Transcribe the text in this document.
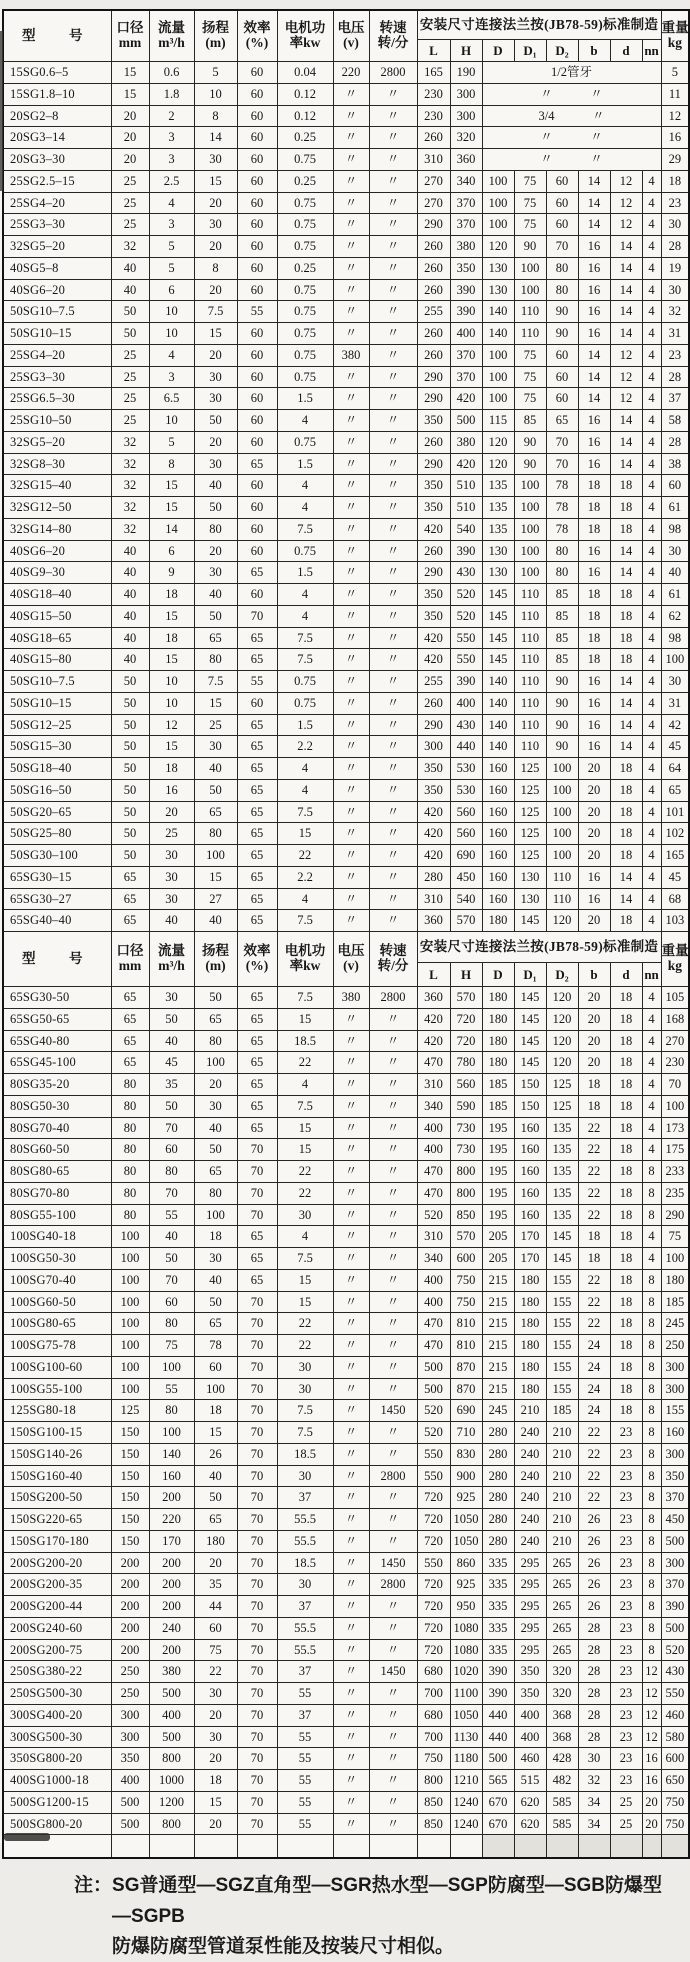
型　号	口径
mm

流量
m³/h

扬程
(m)

效率
(%)

电机功
率kw

电压
(v)

转速
转/分
	安装尺寸连接法兰按(JB78-59)标准制造	重量
kg

								L	H	D	D₁	D₂	b	d	nn	
15SG0.6–5	15	0.6	5	60	0.04	220	2800	165	190	1/2管牙						5
15SG1.8–10	15	1.8	10	60	0.12	〃	〃	230	300	〃　　　〃						11
20SG2–8	20	2	8	60	0.12	〃	〃	230	300	3/4　　　〃						12
20SG3–14	20	3	14	60	0.25	〃	〃	260	320	〃　　　〃						16
20SG3–30	20	3	30	60	0.75	〃	〃	310	360	〃　　　〃						29
25SG2.5–15	25	2.5	15	60	0.25	〃	〃	270	340	100	75	60	14	12	4	18
25SG4–20	25	4	20	60	0.75	〃	〃	270	370	100	75	60	14	12	4	23
25SG3–30	25	3	30	60	0.75	〃	〃	290	370	100	75	60	14	12	4	30
32SG5–20	32	5	20	60	0.75	〃	〃	260	380	120	90	70	16	14	4	28
40SG5–8	40	5	8	60	0.25	〃	〃	260	350	130	100	80	16	14	4	19
40SG6–20	40	6	20	60	0.75	〃	〃	260	390	130	100	80	16	14	4	30
50SG10–7.5	50	10	7.5	55	0.75	〃	〃	255	390	140	110	90	16	14	4	32
50SG10–15	50	10	15	60	0.75	〃	〃	260	400	140	110	90	16	14	4	31
25SG4–20	25	4	20	60	0.75	380	〃	260	370	100	75	60	14	12	4	23
25SG3–30	25	3	30	60	0.75	〃	〃	290	370	100	75	60	14	12	4	28
25SG6.5–30	25	6.5	30	60	1.5	〃	〃	290	420	100	75	60	14	12	4	37
25SG10–50	25	10	50	60	4	〃	〃	350	500	115	85	65	16	14	4	58
32SG5–20	32	5	20	60	0.75	〃	〃	260	380	120	90	70	16	14	4	28
32SG8–30	32	8	30	65	1.5	〃	〃	290	420	120	90	70	16	14	4	38
32SG15–40	32	15	40	60	4	〃	〃	350	510	135	100	78	18	18	4	60
32SG12–50	32	15	50	60	4	〃	〃	350	510	135	100	78	18	18	4	61
32SG14–80	32	14	80	60	7.5	〃	〃	420	540	135	100	78	18	18	4	98
40SG6–20	40	6	20	60	0.75	〃	〃	260	390	130	100	80	16	14	4	30
40SG9–30	40	9	30	65	1.5	〃	〃	290	430	130	100	80	16	14	4	40
40SG18–40	40	18	40	60	4	〃	〃	350	520	145	110	85	18	18	4	61
40SG15–50	40	15	50	70	4	〃	〃	350	520	145	110	85	18	18	4	62
40SG18–65	40	18	65	65	7.5	〃	〃	420	550	145	110	85	18	18	4	98
40SG15–80	40	15	80	65	7.5	〃	〃	420	550	145	110	85	18	18	4	100
50SG10–7.5	50	10	7.5	55	0.75	〃	〃	255	390	140	110	90	16	14	4	30
50SG10–15	50	10	15	60	0.75	〃	〃	260	400	140	110	90	16	14	4	31
50SG12–25	50	12	25	65	1.5	〃	〃	290	430	140	110	90	16	14	4	42
50SG15–30	50	15	30	65	2.2	〃	〃	300	440	140	110	90	16	14	4	45
50SG18–40	50	18	40	65	4	〃	〃	350	530	160	125	100	20	18	4	64
50SG16–50	50	16	50	65	4	〃	〃	350	530	160	125	100	20	18	4	65
50SG20–65	50	20	65	65	7.5	〃	〃	420	560	160	125	100	20	18	4	101
50SG25–80	50	25	80	65	15	〃	〃	420	560	160	125	100	20	18	4	102
50SG30–100	50	30	100	65	22	〃	〃	420	690	160	125	100	20	18	4	165
65SG30–15	65	30	15	65	2.2	〃	〃	280	450	160	130	110	16	14	4	45
65SG30–27	65	30	27	65	4	〃	〃	310	540	160	130	110	16	14	4	68
65SG40–40	65	40	40	65	7.5	〃	〃	360	570	180	145	120	20	18	4	103
型　号	口径
mm

流量
m³/h

扬程
(m)

效率
(%)

电机功
率kw

电压
(v)

转速
转/分
	安装尺寸连接法兰按(JB78-59)标准制造	重量
kg

								L	H	D	D₁	D₂	b	d	nn	
65SG30-50	65	30	50	65	7.5	380	2800	360	570	180	145	120	20	18	4	105
65SG50-65	65	50	65	65	15	〃	〃	420	720	180	145	120	20	18	4	168
65SG40-80	65	40	80	65	18.5	〃	〃	420	720	180	145	120	20	18	4	270
65SG45-100	65	45	100	65	22	〃	〃	470	780	180	145	120	20	18	4	230
80SG35-20	80	35	20	65	4	〃	〃	310	560	185	150	125	18	18	4	70
80SG50-30	80	50	30	65	7.5	〃	〃	340	590	185	150	125	18	18	4	100
80SG70-40	80	70	40	65	15	〃	〃	400	730	195	160	135	22	18	4	173
80SG60-50	80	60	50	70	15	〃	〃	400	730	195	160	135	22	18	4	175
80SG80-65	80	80	65	70	22	〃	〃	470	800	195	160	135	22	18	8	233
80SG70-80	80	70	80	70	22	〃	〃	470	800	195	160	135	22	18	8	235
80SG55-100	80	55	100	70	30	〃	〃	520	850	195	160	135	22	18	8	290
100SG40-18	100	40	18	65	4	〃	〃	310	570	205	170	145	18	18	4	75
100SG50-30	100	50	30	65	7.5	〃	〃	340	600	205	170	145	18	18	4	100
100SG70-40	100	70	40	65	15	〃	〃	400	750	215	180	155	22	18	8	180
100SG60-50	100	60	50	70	15	〃	〃	400	750	215	180	155	22	18	8	185
100SG80-65	100	80	65	70	22	〃	〃	470	810	215	180	155	22	18	8	245
100SG75-78	100	75	78	70	22	〃	〃	470	810	215	180	155	24	18	8	250
100SG100-60	100	100	60	70	30	〃	〃	500	870	215	180	155	24	18	8	300
100SG55-100	100	55	100	70	30	〃	〃	500	870	215	180	155	24	18	8	300
125SG80-18	125	80	18	70	7.5	〃	1450	520	690	245	210	185	24	18	8	155
150SG100-15	150	100	15	70	7.5	〃	〃	520	710	280	240	210	22	23	8	160
150SG140-26	150	140	26	70	18.5	〃	〃	550	830	280	240	210	22	23	8	300
150SG160-40	150	160	40	70	30	〃	2800	550	900	280	240	210	22	23	8	350
150SG200-50	150	200	50	70	37	〃	〃	720	925	280	240	210	22	23	8	370
150SG220-65	150	220	65	70	55.5	〃	〃	720	1050	280	240	210	26	23	8	450
150SG170-180	150	170	180	70	55.5	〃	〃	720	1050	280	240	210	26	23	8	500
200SG200-20	200	200	20	70	18.5	〃	1450	550	860	335	295	265	26	23	8	300
200SG200-35	200	200	35	70	30	〃	2800	720	925	335	295	265	26	23	8	370
200SG200-44	200	200	44	70	37	〃	〃	720	950	335	295	265	26	23	8	390
200SG240-60	200	240	60	70	55.5	〃	〃	720	1080	335	295	265	28	23	8	500
200SG200-75	200	200	75	70	55.5	〃	〃	720	1080	335	295	265	28	23	8	520
250SG380-22	250	380	22	70	37	〃	1450	680	1020	390	350	320	28	23	12	430
250SG500-30	250	500	30	70	55	〃	〃	700	1100	390	350	320	28	23	12	550
300SG400-20	300	400	20	70	37	〃	〃	680	1050	440	400	368	28	23	12	460
300SG500-30	300	500	30	70	55	〃	〃	700	1130	440	400	368	28	23	12	580
350SG800-20	350	800	20	70	55	〃	〃	750	1180	500	460	428	30	23	16	600
400SG1000-18	400	1000	18	70	55	〃	〃	800	1210	565	515	482	32	23	16	650
500SG1200-15	500	1200	15	70	55	〃	〃	850	1240	670	620	585	34	25	20	750
500SG800-20	500	800	20	70	55	〃	〃	850	1240	670	620	585	34	25	20	750

注： SG普通型—SGZ直角型—SGR热水型—SGP防腐型—SGB防爆型—SGPB
防爆防腐型管道泵性能及按装尺寸相似。
